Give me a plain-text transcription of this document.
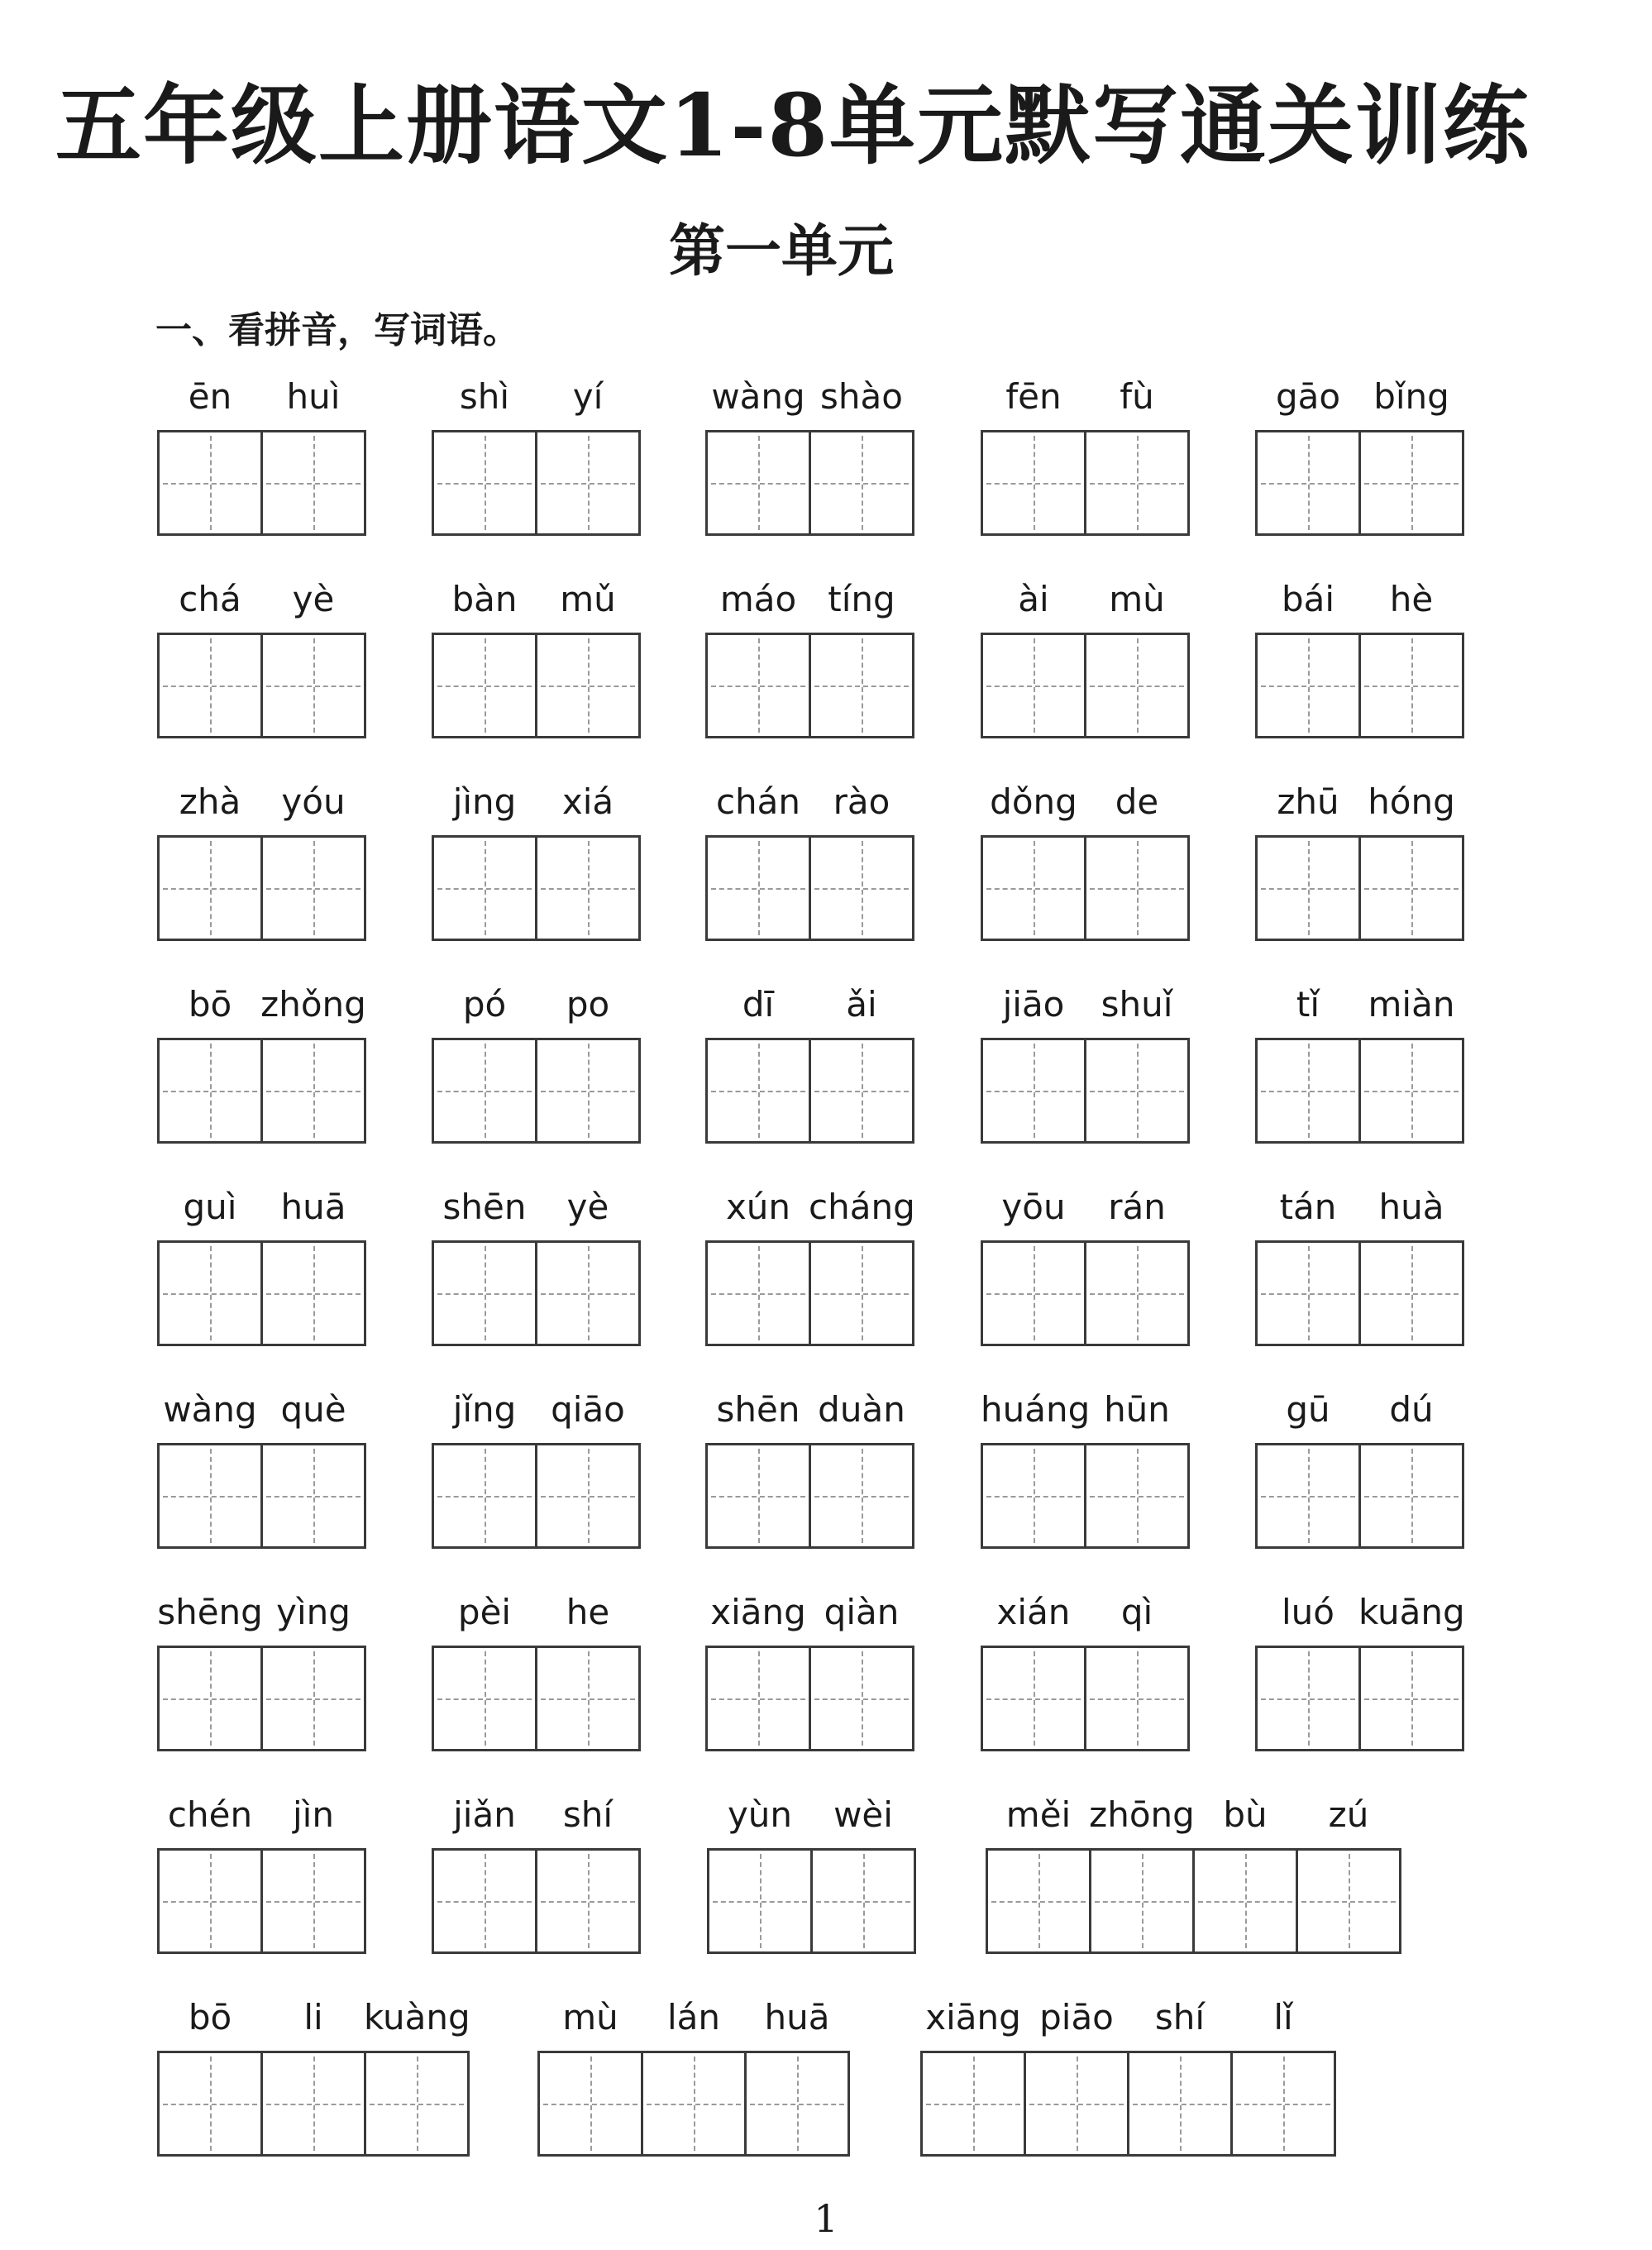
五年级上册语文1-8单元默写通关训练
第一单元
一、看拼音，写词语。
ēn	huì	shì	yí	wàng shào	fēn	fù	gāo bǐng
chá	yè	bàn	mǔ	máo tíng	ài	mù	bái	hè
zhà	yóu	jìng	xiá	chán rào	dǒng	de	zhū hóng
bō zhǒng	pó	po	dī	ǎi	jiāo	shuǐ	tǐ	miàn
guì	huā	shēn	yè	xún cháng	yōu	rán	tán	huà
wàng què	jǐng qiāo	shēn duàn huáng hūn	gū	dú
shēng yìng	pèi	he	xiāng qiàn	xián	qì	luó kuāng
chén	jìn	jiǎn	shí	yùn	wèi	měi zhōng bù	zú
bō	li	kuàng	mù	lán	huā	xiāng piāo	shí	lǐ
1
